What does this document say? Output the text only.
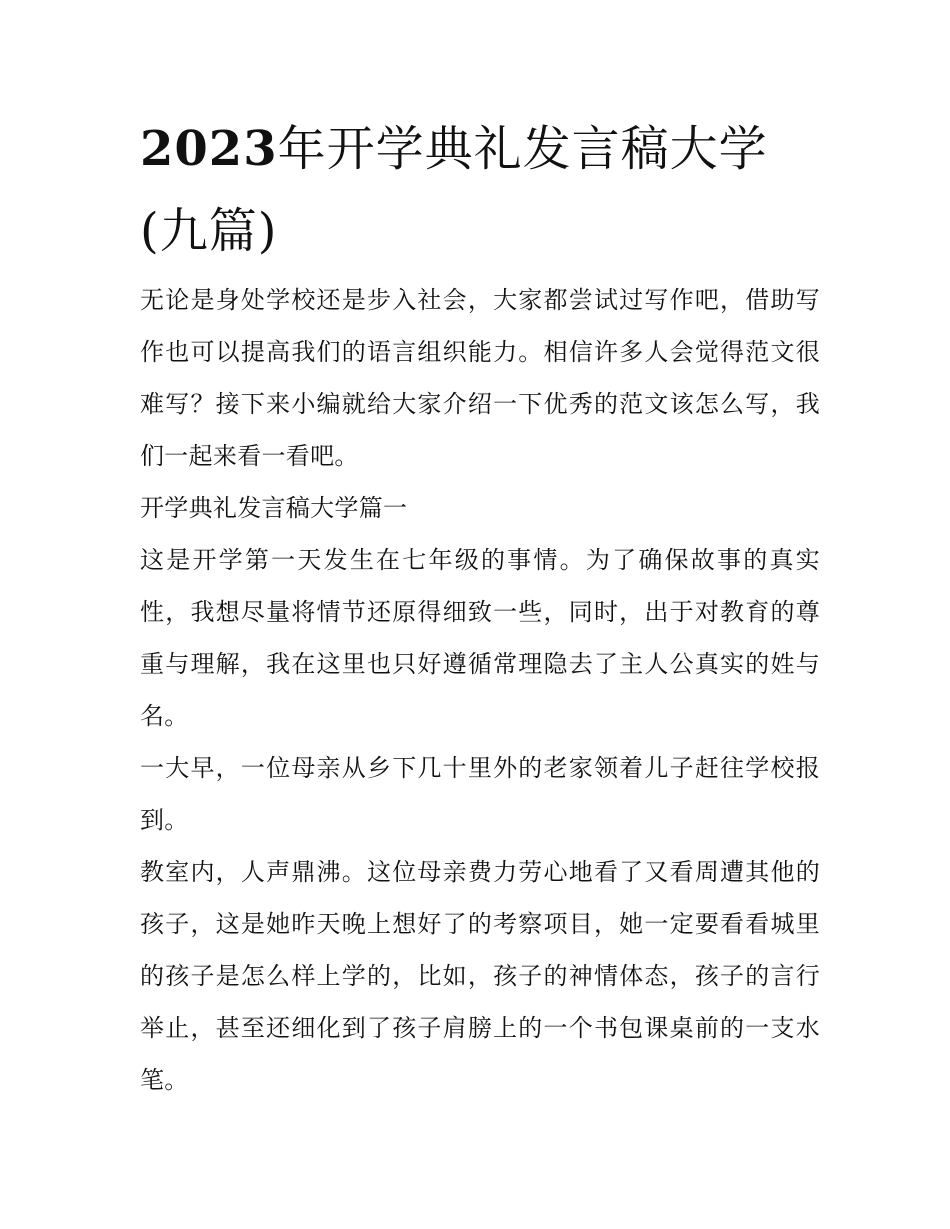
2023年开学典礼发言稿大学(九篇)

无论是身处学校还是步入社会，大家都尝试过写作吧，借助写作也可以提高我们的语言组织能力。相信许多人会觉得范文很难写？接下来小编就给大家介绍一下优秀的范文该怎么写，我们一起来看一看吧。

开学典礼发言稿大学篇一

这是开学第一天发生在七年级的事情。为了确保故事的真实性，我想尽量将情节还原得细致一些，同时，出于对教育的尊重与理解，我在这里也只好遵循常理隐去了主人公真实的姓与名。

一大早，一位母亲从乡下几十里外的老家领着儿子赶往学校报到。

教室内，人声鼎沸。这位母亲费力劳心地看了又看周遭其他的孩子，这是她昨天晚上想好了的考察项目，她一定要看看城里的孩子是怎么样上学的，比如，孩子的神情体态，孩子的言行举止，甚至还细化到了孩子肩膀上的一个书包课桌前的一支水笔。
